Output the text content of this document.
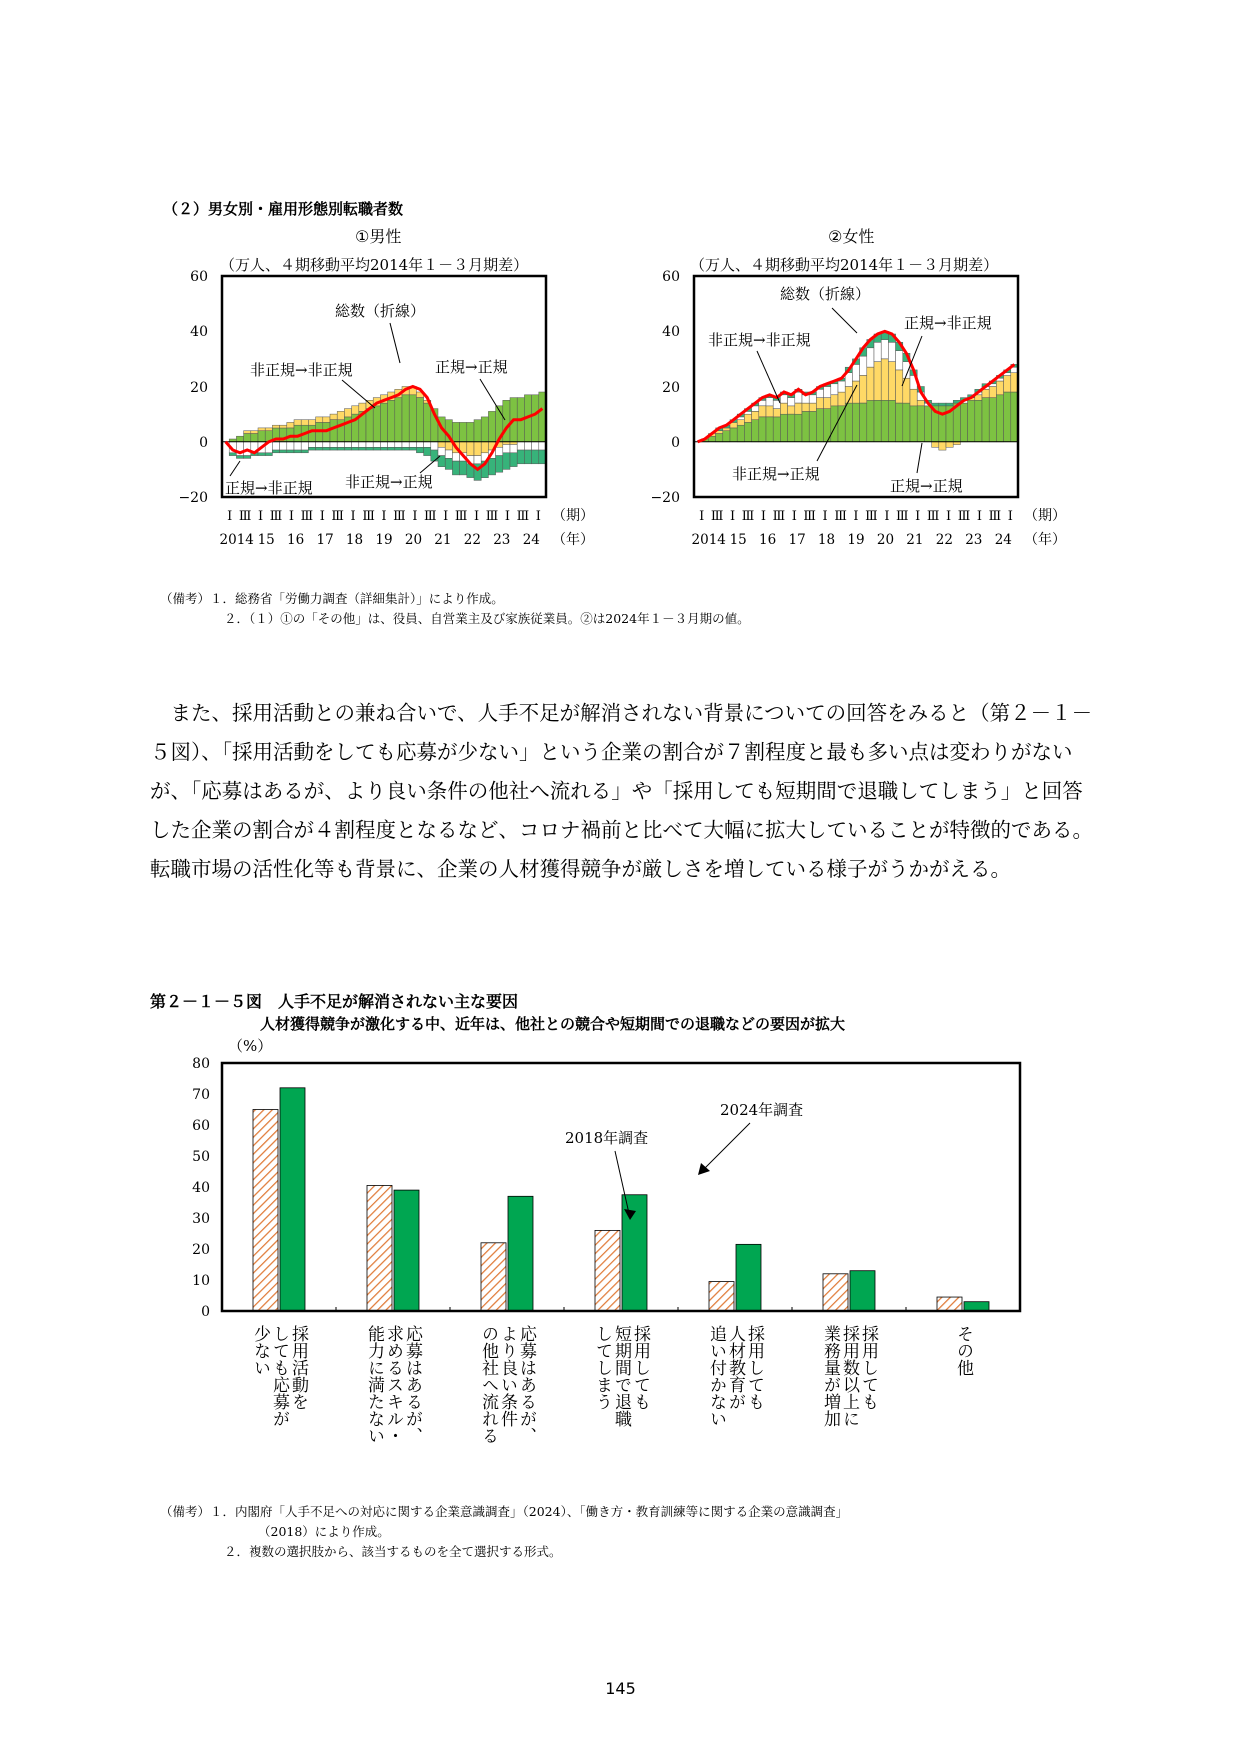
（２）男女別・雇用形態別転職者数
①男性
（万人、４期移動平均2014年１－３月期差）
60
40
20
0
−20
総数（折線）
非正規→非正規	正規→正規
正規→非正規 非正規→正規
Ⅰ Ⅲ Ⅰ Ⅲ Ⅰ Ⅲ Ⅰ Ⅲ Ⅰ Ⅲ Ⅰ Ⅲ Ⅰ Ⅲ Ⅰ Ⅲ Ⅰ Ⅲ Ⅰ Ⅲ Ⅰ
2014 15 16 17 18 19 20 21 22 23 24
（期）
（年）
②女性
（万人、４期移動平均2014年１－３月期差）
60
40
20
0
−20
総数（折線）
正規→非正規
非正規→非正規
非正規→正規
正規→正規
Ⅰ Ⅲ Ⅰ Ⅲ Ⅰ Ⅲ Ⅰ Ⅲ Ⅰ Ⅲ Ⅰ Ⅲ Ⅰ Ⅲ Ⅰ Ⅲ Ⅰ Ⅲ Ⅰ Ⅲ Ⅰ
2014 15 16 17 18 19 20 21 22 23 24
（期）
（年）
（備考）１．総務省「労働力調査（詳細集計）」により作成。
２．（１）①の「その他」は、役員、自営業主及び家族従業員。②は2024年１－３月期の値。

また、採用活動との兼ね合いで、人手不足が解消されない背景についての回答をみると（第２－１－５図）、「採用活動をしても応募が少ない」という企業の割合が７割程度と最も多い点は変わりがないが、「応募はあるが、より良い条件の他社へ流れる」や「採用しても短期間で退職してしまう」と回答した企業の割合が４割程度となるなど、コロナ禍前と比べて大幅に拡大していることが特徴的である。転職市場の活性化等も背景に、企業の人材獲得競争が厳しさを増している様子がうかがえる。

第２－１－５図　人手不足が解消されない主な要因
人材獲得競争が激化する中、近年は、他社との競合や短期間での退職などの要因が拡大
（%）
80
70
60
50
40
30
20
10
0
2018年調査
2024年調査
採用活動を
しても応募が
少ない	応募はあるが、
求めるスキル・
能力に満たない	応募はあるが、
より良い条件
の他社へ流れる	採用しても
短期間で退職
してしまう	採用しても
人材教育が
追い付かない	採用しても
採用数以上に
業務量が増加	その他
（備考）１．内閣府「人手不足への対応に関する企業意識調査」（2024）、「働き方・教育訓練等に関する企業の意識調査」
（2018）により作成。
２．複数の選択肢から、該当するものを全て選択する形式。
145
